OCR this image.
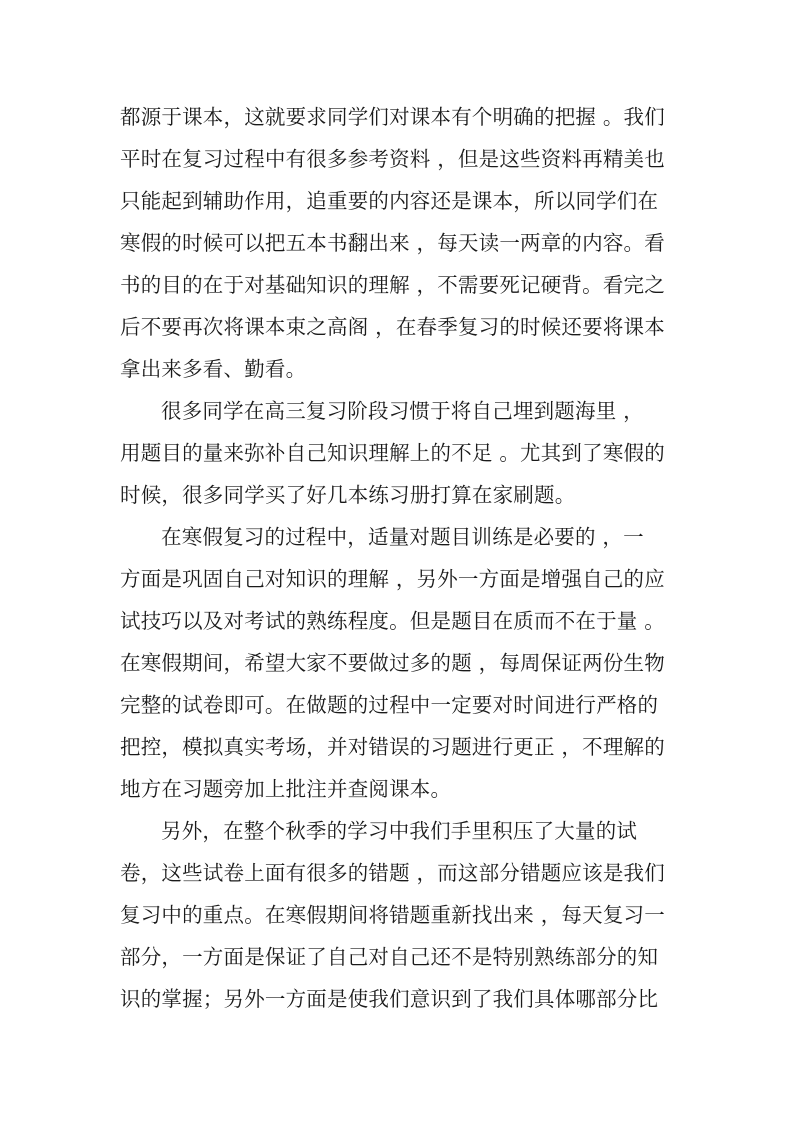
都源于课本，这就要求同学们对课本有个明确的把握 。我们
平时在复习过程中有很多参考资料 ，但是这些资料再精美也
只能起到辅助作用，追重要的内容还是课本，所以同学们在
寒假的时候可以把五本书翻出来 ，每天读一两章的内容。看
书的目的在于对基础知识的理解 ，不需要死记硬背。看完之
后不要再次将课本束之高阁 ，在春季复习的时候还要将课本
拿出来多看、勤看。
很多同学在高三复习阶段习惯于将自己埋到题海里 ，
用题目的量来弥补自己知识理解上的不足 。尤其到了寒假的
时候，很多同学买了好几本练习册打算在家刷题。
在寒假复习的过程中，适量对题目训练是必要的 ，一
方面是巩固自己对知识的理解 ，另外一方面是增强自己的应
试技巧以及对考试的熟练程度。但是题目在质而不在于量 。
在寒假期间，希望大家不要做过多的题 ，每周保证两份生物
完整的试卷即可。在做题的过程中一定要对时间进行严格的
把控，模拟真实考场，并对错误的习题进行更正 ，不理解的
地方在习题旁加上批注并查阅课本。
另外，在整个秋季的学习中我们手里积压了大量的试
卷，这些试卷上面有很多的错题 ，而这部分错题应该是我们
复习中的重点。在寒假期间将错题重新找出来 ，每天复习一
部分，一方面是保证了自己对自己还不是特别熟练部分的知
识的掌握；另外一方面是使我们意识到了我们具体哪部分比
